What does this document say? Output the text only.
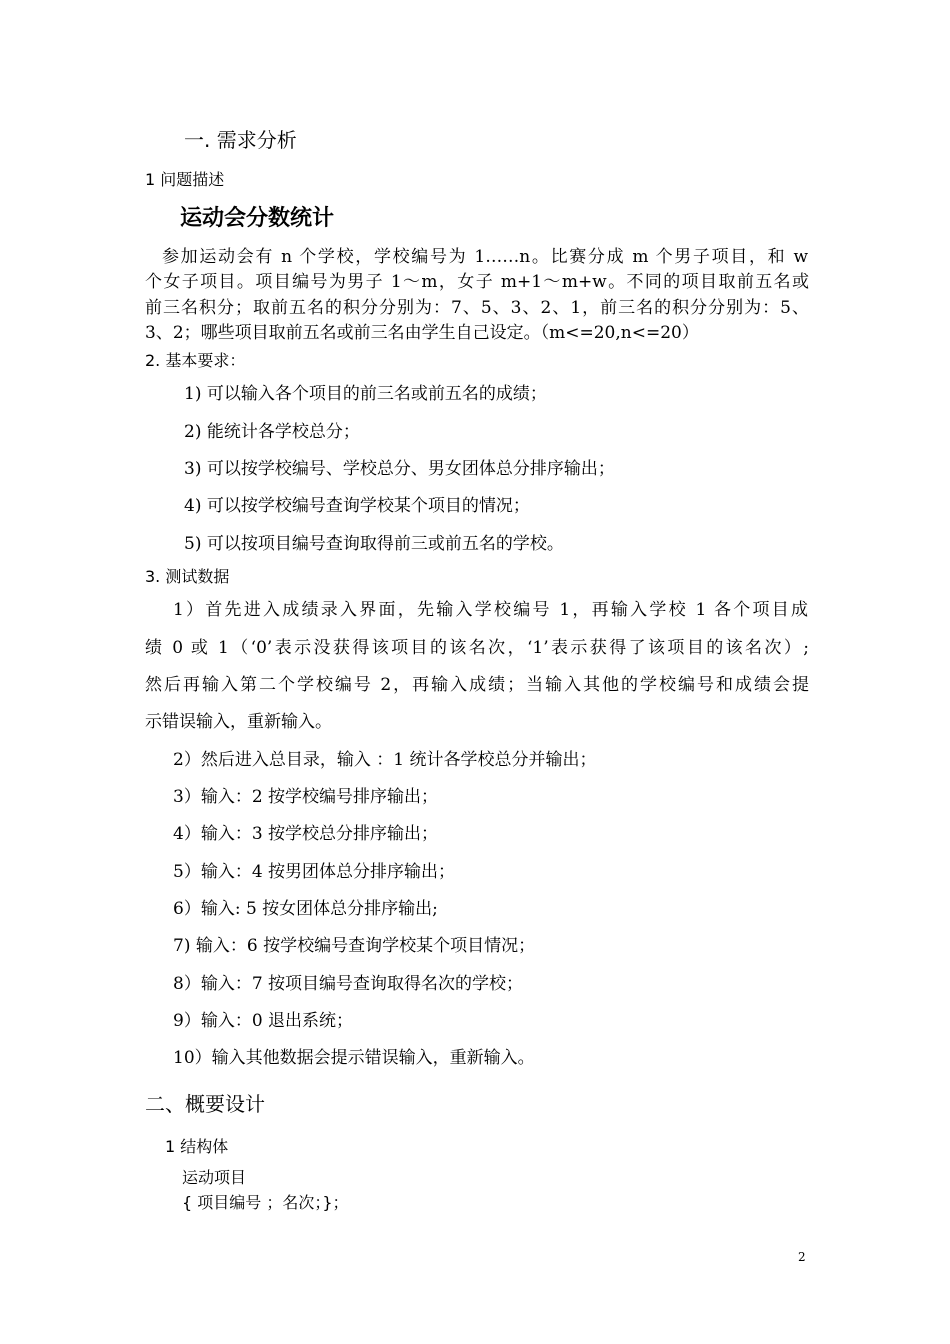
一. 需求分析
1 问题描述
运动会分数统计
参加运动会有 n 个学校，学校编号为 1……n。比赛分成 m 个男子项目，和 w
个女子项目。项目编号为男子 1～m，女子 m+1～m+w。不同的项目取前五名或
前三名积分；取前五名的积分分别为：7、5、3、2、1，前三名的积分分别为：5、
3、2；哪些项目取前五名或前三名由学生自己设定。（m<=20,n<=20）
2. 基本要求：
1) 可以输入各个项目的前三名或前五名的成绩；
2) 能统计各学校总分；
3) 可以按学校编号、学校总分、男女团体总分排序输出；
4) 可以按学校编号查询学校某个项目的情况；
5) 可以按项目编号查询取得前三或前五名的学校。
3. 测试数据
1）首先进入成绩录入界面，先输入学校编号 1，再输入学校 1 各个项目成
绩 0 或 1（‘0’表示没获得该项目的该名次，‘1’表示获得了该项目的该名次）;
然后再输入第二个学校编号 2，再输入成绩；当输入其他的学校编号和成绩会提
示错误输入，重新输入。
2）然后进入总目录，输入 ：1 统计各学校总分并输出；
3）输入：2 按学校编号排序输出；
4）输入：3 按学校总分排序输出；
5）输入：4 按男团体总分排序输出；
6）输入: 5 按女团体总分排序输出;
7) 输入：6 按学校编号查询学校某个项目情况；
8）输入：7 按项目编号查询取得名次的学校；
9）输入：0 退出系统；
10）输入其他数据会提示错误输入，重新输入。
二、概要设计
1 结构体
运动项目
{ 项目编号 ；名次；}；
2
